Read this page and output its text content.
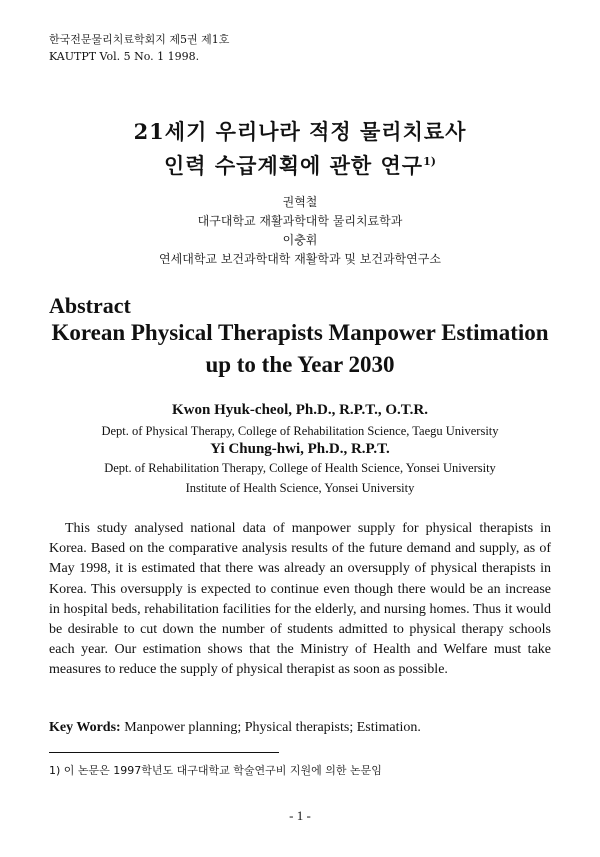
한국전문물리치료학회지 제5권 제1호
KAUTPT Vol. 5 No. 1 1998.
21세기 우리나라 적정 물리치료사
인력 수급계획에 관한 연구$^{1)}$
권혁철
대구대학교 재활과학대학 물리치료학과
이충휘
연세대학교 보건과학대학 재활학과 및 보건과학연구소
Abstract
Korean Physical Therapists Manpower Estimation
up to the Year 2030
Kwon Hyuk-cheol, Ph.D., R.P.T., O.T.R.
Dept. of Physical Therapy, College of Rehabilitation Science, Taegu University
Yi Chung-hwi, Ph.D., R.P.T.
Dept. of Rehabilitation Therapy, College of Health Science, Yonsei University
Institute of Health Science, Yonsei University
This study analysed national data of manpower supply for physical therapists in Korea. Based on the comparative analysis results of the future demand and supply, as of May 1998, it is estimated that there was already an oversupply of physical therapists in Korea. This oversupply is expected to continue even though there would be an increase in hospital beds, rehabilitation facilities for the elderly, and nursing homes. Thus it would be desirable to cut down the number of students admitted to physical therapy schools each year. Our estimation shows that the Ministry of Health and Welfare must take measures to reduce the supply of physical therapist as soon as possible.
Key Words: Manpower planning; Physical therapists; Estimation.
1) 이 논문은 1997학년도 대구대학교 학술연구비 지원에 의한 논문임
- 1 -
